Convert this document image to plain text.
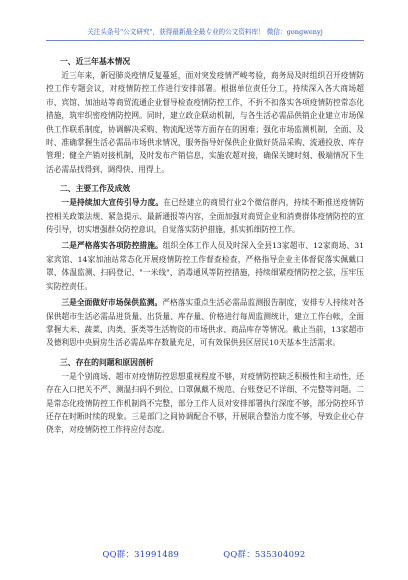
关注头条号"公文研究"，获得最新最全最专业的公文资料库！ 微信：gongwenyj
一、近三年基本情况

近三年来，新冠肺炎疫情反复蔓延，面对突发疫情严峻考验，商务局及时组织召开疫情防控工作专题会议，对疫情防控工作进行安排部署。根据单位责任分工，持续深入各大商场超市、宾馆、加油站等商贸流通企业督导检查疫情防控工作，不折不扣落实各项疫情防控常态化措施，筑牢织密疫情防控网。同时，建立政企联动机制，与各生活必需品供销企业建立市场保供工作联系制度，协调解决采购、物流配送等方面存在的困难；强化市场监测机制，全面、及时、准确掌握生活必需品市场供求情况，服务指导好保供企业做好货品采购、流通投放、库存管理；健全产销对接机制，及时发布产销信息，实施农超对接，确保关键时刻、极端情况下生活必需品找得到、调得快、用得上。

二、主要工作及成效

一是持续加大宣传引导力度。在已经建立的商贸行业2个微信群内，持续不断推送疫情防控相关政策法规、紧急提示、最新通报等内容，全面加强对商贸企业和消费群体疫情防控的宣传引导，切实增强群众防控意识，自觉落实防护措施，抓实抓细防控工作。

二是严格落实各项防控措施。组织全体工作人员及时深入全县13家超市、12家商场、31家宾馆、14家加油站常态化开展疫情防控工作督查检查，严格指导企业主体督促落实佩戴口罩、体温监测、扫码登记、"一米线"、消毒通风等防控措施，持续细紧疫情防控之弦，压牢压实防控责任。

三是全面做好市场保供监测。严格落实重点生活必需品监测报告制度，安排专人持续对各保供超市生活必需品进货量、出货量、库存量、价格进行每周监测统计，建立工作台帐，全面掌握大米、蔬菜、肉类、蛋类等生活物资的市场供求、商品库存等情况。截止当前，13家超市及德利思中央厨房生活必需品库存数量充足，可有效保供县区居民10天基本生活需求。

三、存在的问题和原因剖析

一是个别商场、超市对疫情防控思想重视程度不够，对疫情防控缺乏积极性和主动性，还存在入口把关不严、测温扫码不到位、口罩佩戴不规范、台账登记不详细、不完整等问题。二是常态化疫情防控工作机制尚不完整，部分工作人员对安排部署执行深度不够，部分防控环节还存在时断时续的现象。三是部门之间协调配合不够，开展联合整治力度不够，导致企业心存侥幸，对疫情防控工作持应付态度。

QQ群：31991489	QQ群：535304092
